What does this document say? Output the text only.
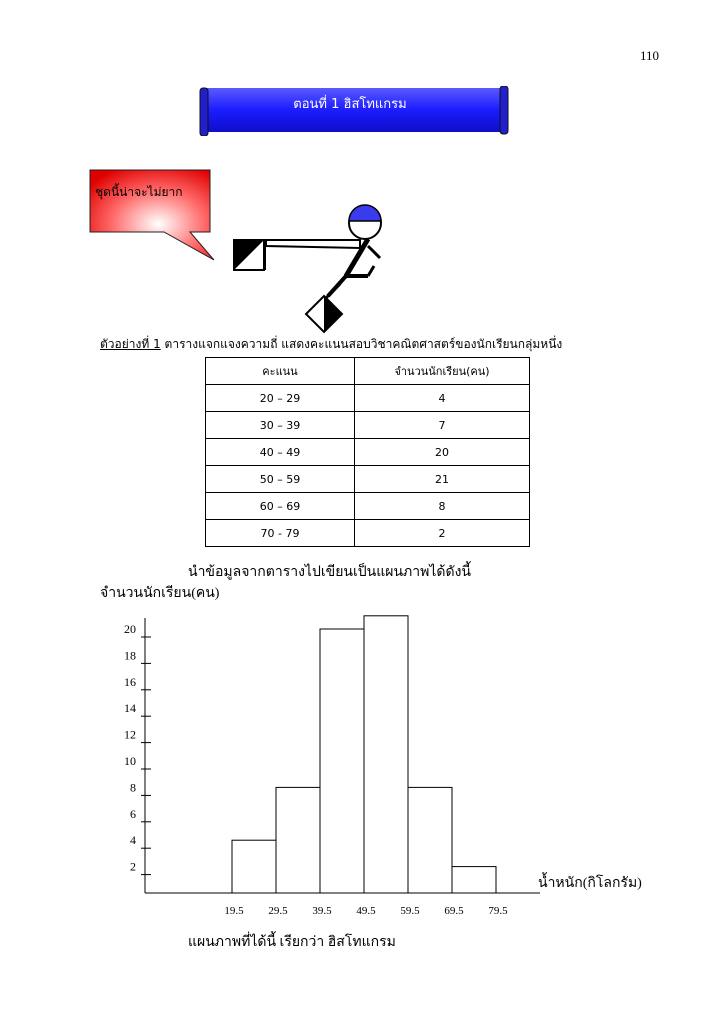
110
ตอนที่ 1 ฮิสโทแกรม
ชุดนี้น่าจะไม่ยาก
ตัวอย่างที่ 1 ตารางแจกแจงความถี่ แสดงคะแนนสอบวิชาคณิตศาสตร์ของนักเรียนกลุ่มหนึ่ง
คะแนน	จำนวนนักเรียน(คน)
20 – 29	4
30 – 39	7
40 – 49	20
50 – 59	21
60 – 69	8
70 - 79	2
นำข้อมูลจากตารางไปเขียนเป็นแผนภาพได้ดังนี้
จำนวนนักเรียน(คน)
20
18
16
14
12
10
8
6
4
2
19.5 29.5 39.5 49.5 59.5 69.5 79.5
น้ำหนัก(กิโลกรัม)
แผนภาพที่ได้นี้ เรียกว่า ฮิสโทแกรม
